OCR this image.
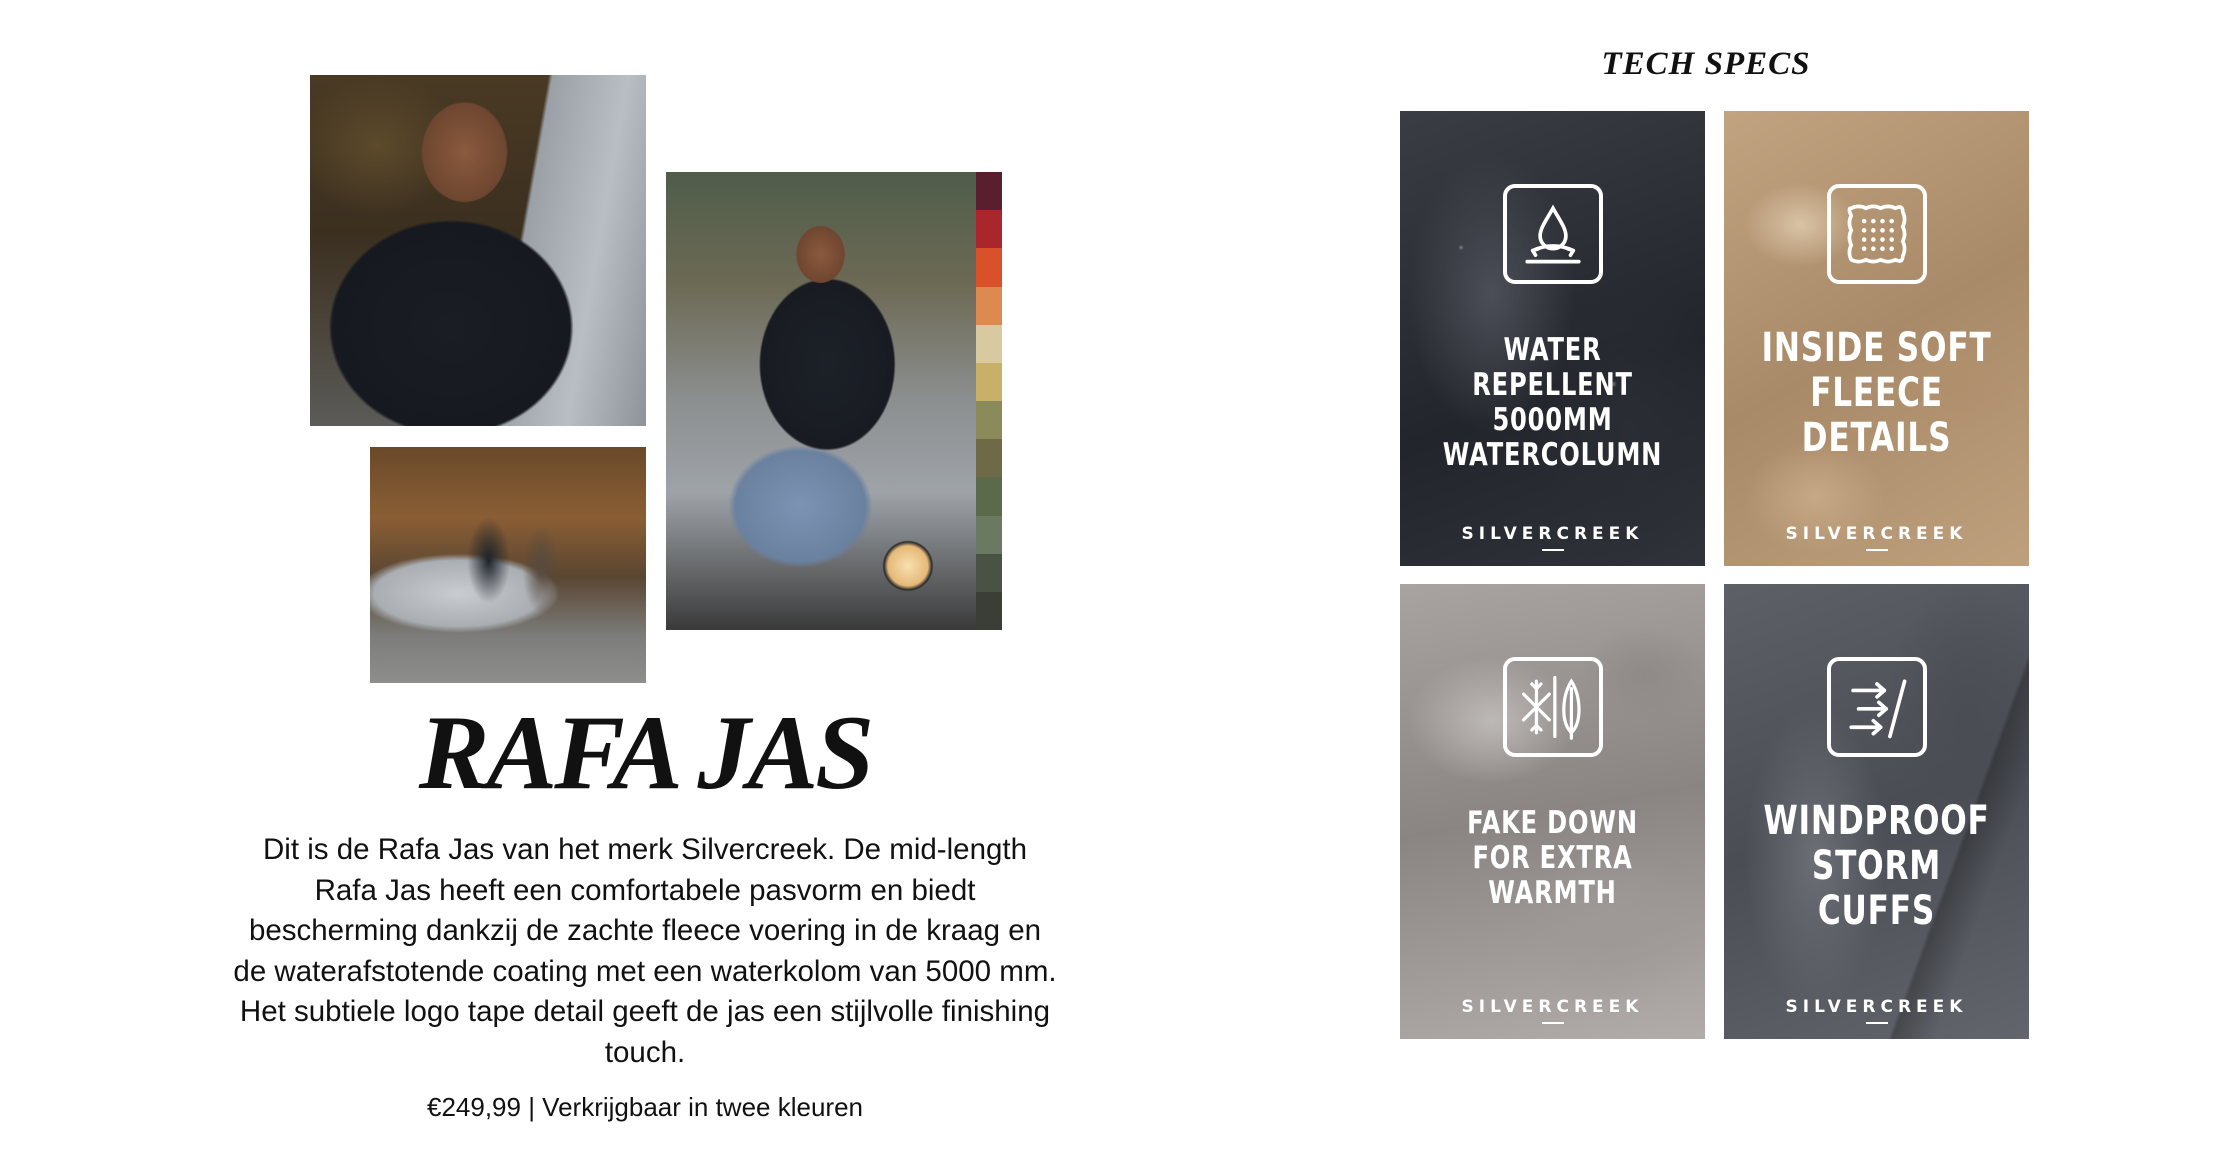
RAFA JAS

Dit is de Rafa Jas van het merk Silvercreek. De mid-length Rafa Jas heeft een comfortabele pasvorm en biedt bescherming dankzij de zachte fleece voering in de kraag en de waterafstotende coating met een waterkolom van 5000 mm. Het subtiele logo tape detail geeft de jas een stijlvolle finishing touch.

€249,99 | Verkrijgbaar in twee kleuren

TECH SPECS
WATER REPELLENT
5000MM WATERCOLUMN
SILVERCREEK
INSIDE SOFT
FLEECE DETAILS
SILVERCREEK
FAKE DOWN
FOR EXTRA WARMTH
SILVERCREEK
WINDPROOF
STORM CUFFS
SILVERCREEK
